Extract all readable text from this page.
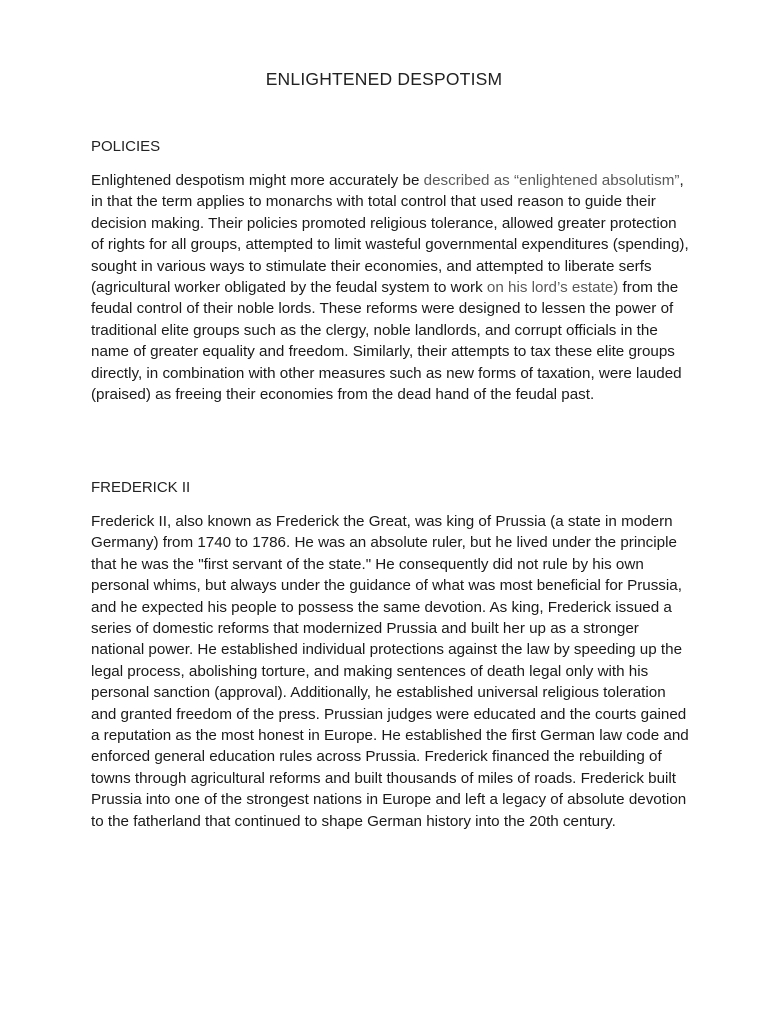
ENLIGHTENED DESPOTISM
POLICIES
Enlightened despotism might more accurately be described as “enlightened absolutism”, in that the term applies to monarchs with total control that used reason to guide their decision making. Their policies promoted religious tolerance, allowed greater protection of rights for all groups, attempted to limit wasteful governmental expenditures (spending), sought in various ways to stimulate their economies, and attempted to liberate serfs (agricultural worker obligated by the feudal system to work on his lord’s estate) from the feudal control of their noble lords. These reforms were designed to lessen the power of traditional elite groups such as the clergy, noble landlords, and corrupt officials in the name of greater equality and freedom. Similarly, their attempts to tax these elite groups directly, in combination with other measures such as new forms of taxation, were lauded (praised) as freeing their economies from the dead hand of the feudal past.
FREDERICK II
Frederick II, also known as Frederick the Great, was king of Prussia (a state in modern Germany) from 1740 to 1786. He was an absolute ruler, but he lived under the principle that he was the "first servant of the state." He consequently did not rule by his own personal whims, but always under the guidance of what was most beneficial for Prussia, and he expected his people to possess the same devotion. As king, Frederick issued a series of domestic reforms that modernized Prussia and built her up as a stronger national power. He established individual protections against the law by speeding up the legal process, abolishing torture, and making sentences of death legal only with his personal sanction (approval). Additionally, he established universal religious toleration and granted freedom of the press. Prussian judges were educated and the courts gained a reputation as the most honest in Europe. He established the first German law code and enforced general education rules across Prussia. Frederick financed the rebuilding of towns through agricultural reforms and built thousands of miles of roads. Frederick built Prussia into one of the strongest nations in Europe and left a legacy of absolute devotion to the fatherland that continued to shape German history into the 20th century.
